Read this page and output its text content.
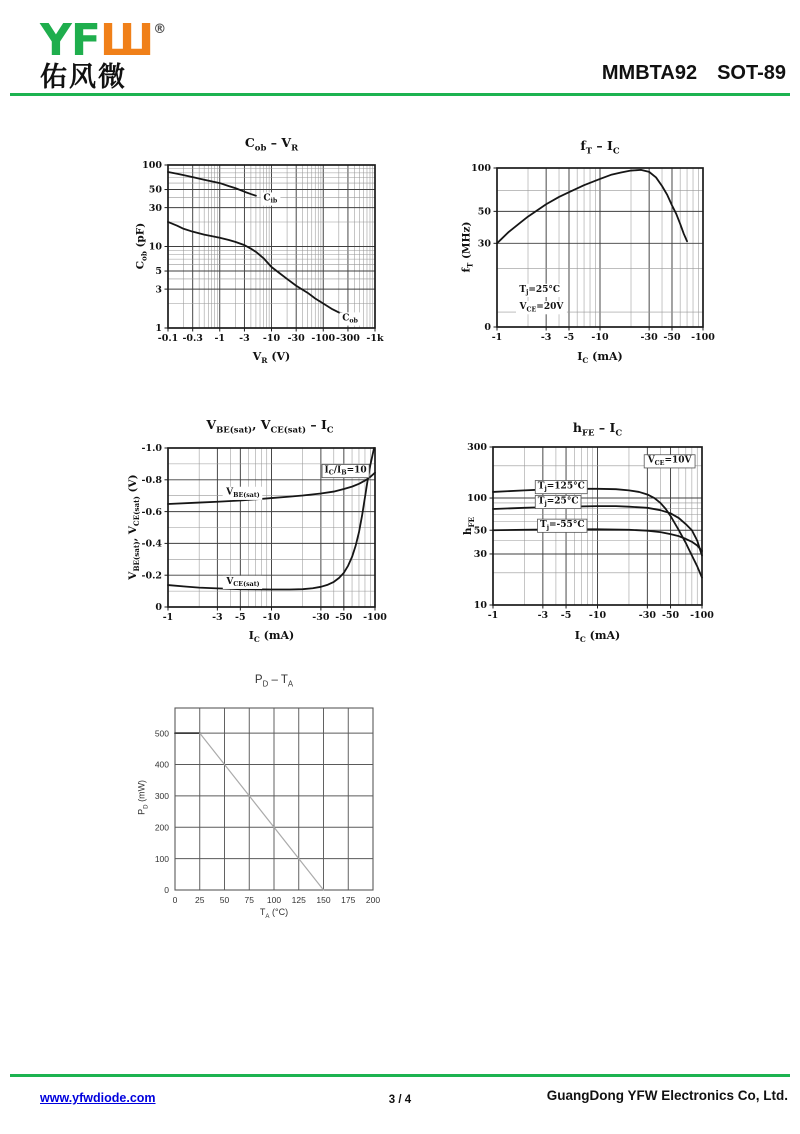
YFШ®
佑风微	MMBTA92 SOT-89
$C_{ob} - V_R$
$C_{ob}$ (pF)
-0.1 -0.3 -1 -3 -10 -30 -100 -300 -1k
1
3
5
10
30
50
100
$C_{ib}$
$C_{ob}$
$V_R$ (V)
$f_T - I_C$
$f_T$ (MHz)
-1	-3 -5 -10	-30 -50 -100
100
50
30
0
$T_j=25^\circ C$
$V_{CE}=20V$
$I_C$ (mA)
$V_{BE(sat)}$, $V_{CE(sat)} - I_C$
$V_{BE(sat)}$, $V_{CE(sat)}$ (V)
-1	-3 -5 -10	-30 -50 -100
0
-0.2
-0.4
-0.6
-0.8
-1.0
$V_{BE(sat)}$
$V_{CE(sat)}$
$I_C/I_B=10$
$I_C$ (mA)
$h_{FE} - I_C$
$h_{FE}$
-1	-3 -5 -10	-30 -50 -100
10
30
50
100
300
$T_j=125^\circ C$
$T_j=25^\circ C$
$T_j=-55^\circ C$
$V_{CE}=10V$
$I_C$ (mA)
$P_D - T_A$
$P_D$ (mW)
0 25 50 75 100 125 150 175 200
0
100
200
300
400
500
$T_A$ (°C)
www.yfwdiode.com	3 / 4	GuangDong YFW Electronics Co, Ltd.
